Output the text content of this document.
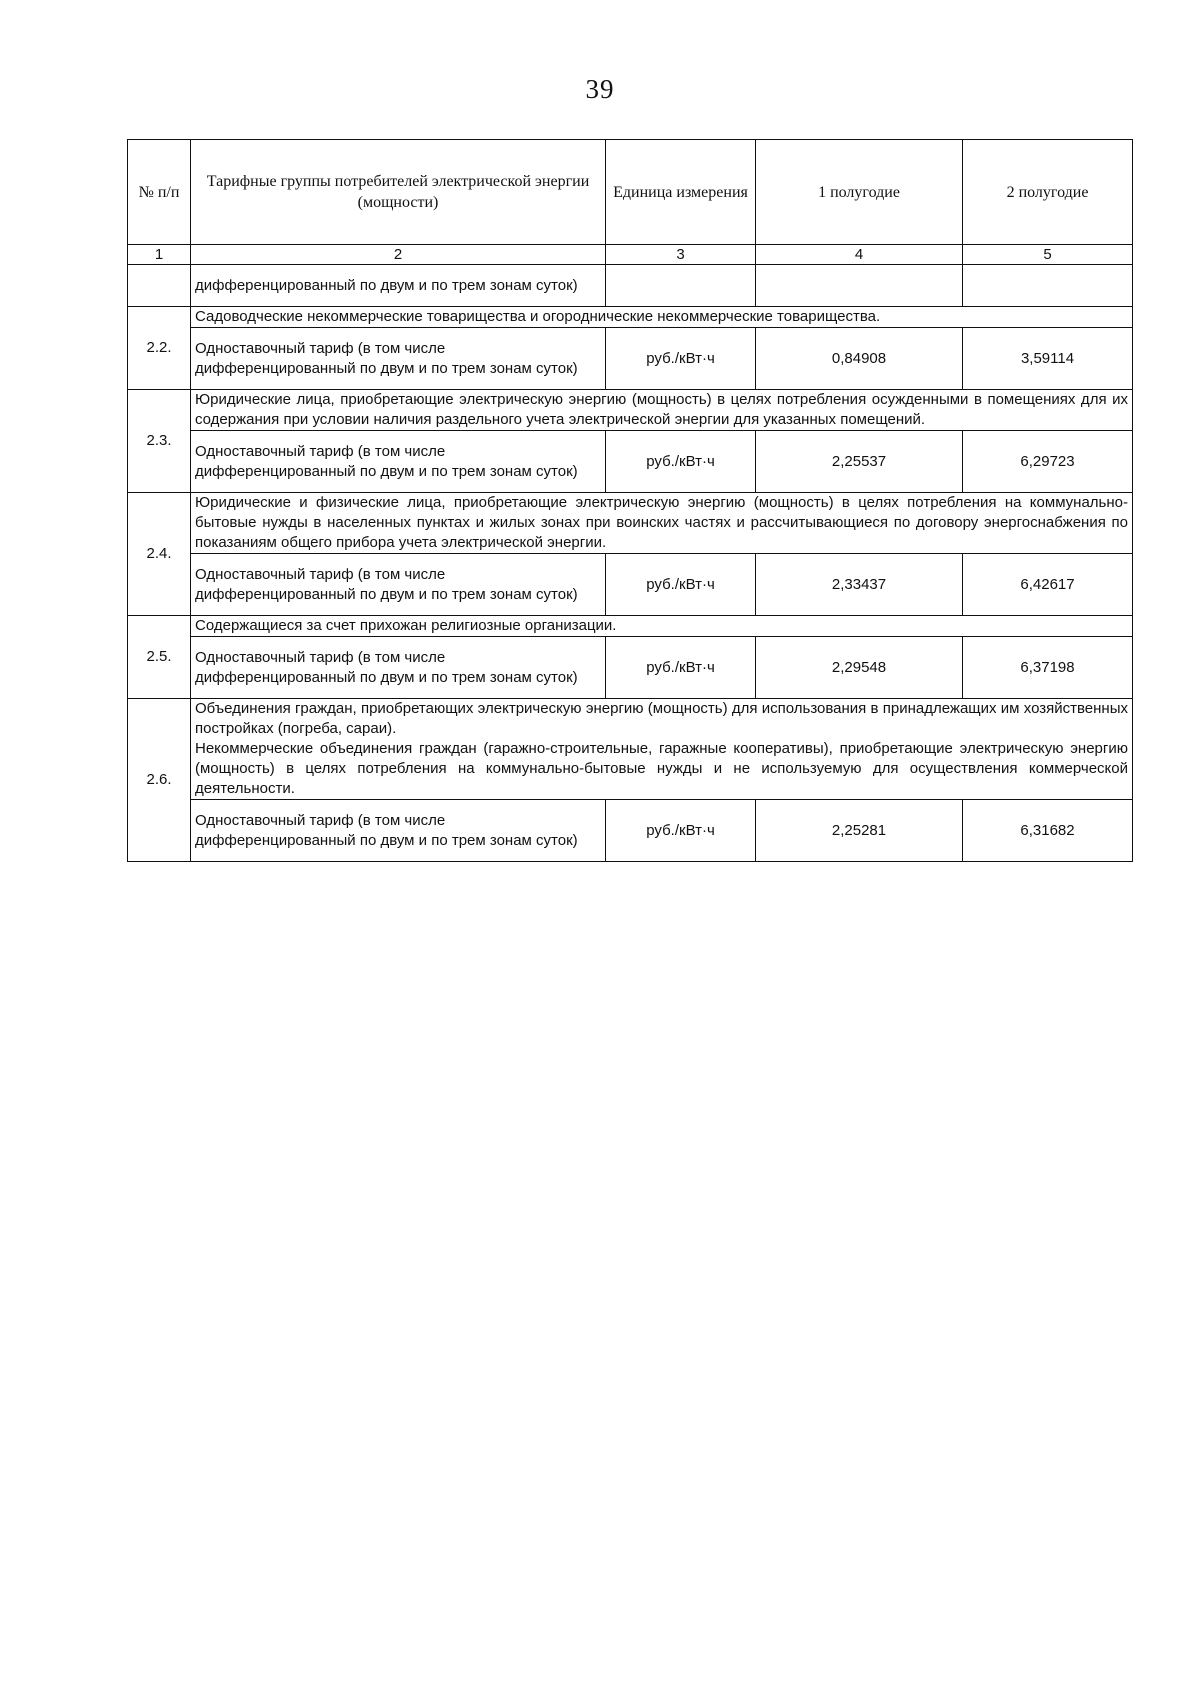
39
№ п/п	Тарифные группы потребителей электрической энергии (мощности)	Единица измерения	1 полугодие	2 полугодие
1	2	3	4	5
	дифференцированный по двум и по трем зонам суток)			
2.2.	Садоводческие некоммерческие товарищества и огороднические некоммерческие товарищества.			
	Одноставочный тариф (в том числе дифференцированный по двум и по трем зонам суток)	руб./кВт·ч	0,84908	3,59114
2.3.	Юридические лица, приобретающие электрическую энергию (мощность) в целях потребления осужденными в помещениях для их содержания при условии наличия раздельного учета электрической энергии для указанных помещений.			
	Одноставочный тариф (в том числе дифференцированный по двум и по трем зонам суток)	руб./кВт·ч	2,25537	6,29723
2.4.	Юридические и физические лица, приобретающие электрическую энергию (мощность) в целях потребления на коммунально-бытовые нужды в населенных пунктах и жилых зонах при воинских частях и рассчитывающиеся по договору энергоснабжения по показаниям общего прибора учета электрической энергии.			
	Одноставочный тариф (в том числе дифференцированный по двум и по трем зонам суток)	руб./кВт·ч	2,33437	6,42617
2.5.	Содержащиеся за счет прихожан религиозные организации.			
	Одноставочный тариф (в том числе дифференцированный по двум и по трем зонам суток)	руб./кВт·ч	2,29548	6,37198
2.6.	Объединения граждан, приобретающих электрическую энергию (мощность) для использования в принадлежащих им хозяйственных постройках (погреба, сараи).
Некоммерческие объединения граждан (гаражно-строительные, гаражные кооперативы), приобретающие электрическую энергию (мощность) в целях потребления на коммунально-бытовые нужды и не используемую для осуществления коммерческой деятельности.			

	Одноставочный тариф (в том числе дифференцированный по двум и по трем зонам суток)	руб./кВт·ч	2,25281	6,31682
